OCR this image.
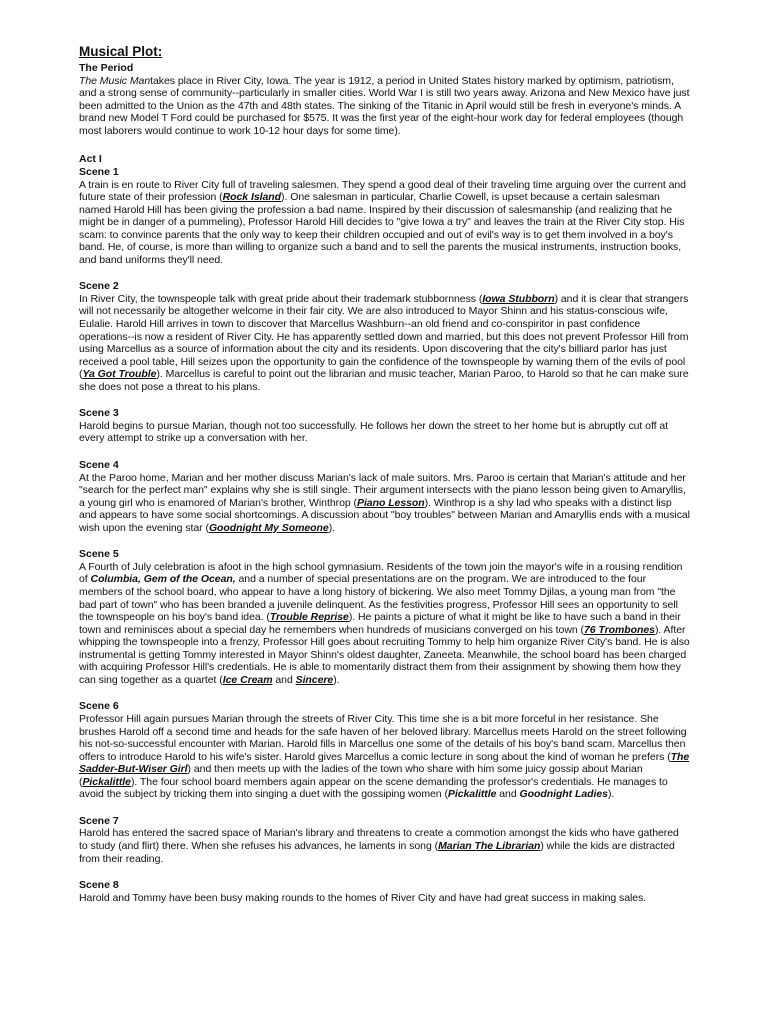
Musical Plot:
The Period

The Music Mantakes place in River City, Iowa. The year is 1912, a period in United States history marked by optimism, patriotism, and a strong sense of community--particularly in smaller cities. World War I is still two years away. Arizona and New Mexico have just been admitted to the Union as the 47th and 48th states. The sinking of the Titanic in April would still be fresh in everyone's minds. A brand new Model T Ford could be purchased for $575. It was the first year of the eight-hour work day for federal employees (though most laborers would continue to work 10-12 hour days for some time).

Act I
Scene 1

A train is en route to River City full of traveling salesmen. They spend a good deal of their traveling time arguing over the current and future state of their profession (Rock Island). One salesman in particular, Charlie Cowell, is upset because a certain salesman named Harold Hill has been giving the profession a bad name. Inspired by their discussion of salesmanship (and realizing that he might be in danger of a pummeling), Professor Harold Hill decides to "give Iowa a try" and leaves the train at the River City stop. His scam: to convince parents that the only way to keep their children occupied and out of evil's way is to get them involved in a boy's band. He, of course, is more than willing to organize such a band and to sell the parents the musical instruments, instruction books, and band uniforms they'll need.

Scene 2

In River City, the townspeople talk with great pride about their trademark stubbornness (Iowa Stubborn) and it is clear that strangers will not necessarily be altogether welcome in their fair city. We are also introduced to Mayor Shinn and his status-conscious wife, Eulalie. Harold Hill arrives in town to discover that Marcellus Washburn--an old friend and co-conspiritor in past confidence operations--is now a resident of River City. He has apparently settled down and married, but this does not prevent Professor Hill from using Marcellus as a source of information about the city and its residents. Upon discovering that the city's billiard parlor has just received a pool table, Hill seizes upon the opportunity to gain the confidence of the townspeople by warning them of the evils of pool (Ya Got Trouble). Marcellus is careful to point out the librarian and music teacher, Marian Paroo, to Harold so that he can make sure she does not pose a threat to his plans.

Scene 3

Harold begins to pursue Marian, though not too successfully. He follows her down the street to her home but is abruptly cut off at every attempt to strike up a conversation with her.

Scene 4

At the Paroo home, Marian and her mother discuss Marian's lack of male suitors. Mrs. Paroo is certain that Marian's attitude and her "search for the perfect man" explains why she is still single. Their argument intersects with the piano lesson being given to Amaryllis, a young girl who is enamored of Marian's brother, Winthrop (Piano Lesson). Winthrop is a shy lad who speaks with a distinct lisp and appears to have some social shortcomings. A discussion about "boy troubles" between Marian and Amaryllis ends with a musical wish upon the evening star (Goodnight My Someone).

Scene 5

A Fourth of July celebration is afoot in the high school gymnasium. Residents of the town join the mayor's wife in a rousing rendition of Columbia, Gem of the Ocean, and a number of special presentations are on the program. We are introduced to the four members of the school board, who appear to have a long history of bickering. We also meet Tommy Djilas, a young man from "the bad part of town" who has been branded a juvenile delinquent. As the festivities progress, Professor Hill sees an opportunity to sell the townspeople on his boy's band idea. (Trouble Reprise). He paints a picture of what it might be like to have such a band in their town and reminisces about a special day he remembers when hundreds of musicians converged on his town (76 Trombones). After whipping the townspeople into a frenzy, Professor Hill goes about recruiting Tommy to help him organize River City's band. He is also instrumental is getting Tommy interested in Mayor Shinn's oldest daughter, Zaneeta. Meanwhile, the school board has been charged with acquiring Professor Hill's credentials. He is able to momentarily distract them from their assignment by showing them how they can sing together as a quartet (Ice Cream and Sincere).

Scene 6

Professor Hill again pursues Marian through the streets of River City. This time she is a bit more forceful in her resistance. She brushes Harold off a second time and heads for the safe haven of her beloved library. Marcellus meets Harold on the street following his not-so-successful encounter with Marian. Harold fills in Marcellus one some of the details of his boy's band scam. Marcellus then offers to introduce Harold to his wife's sister. Harold gives Marcellus a comic lecture in song about the kind of woman he prefers (The Sadder-But-Wiser Girl) and then meets up with the ladies of the town who share with him some juicy gossip about Marian (Pickalittle). The four school board members again appear on the scene demanding the professor's credentials. He manages to avoid the subject by tricking them into singing a duet with the gossiping women (Pickalittle and Goodnight Ladies).

Scene 7

Harold has entered the sacred space of Marian's library and threatens to create a commotion amongst the kids who have gathered to study (and flirt) there. When she refuses his advances, he laments in song (Marian The Librarian) while the kids are distracted from their reading.

Scene 8

Harold and Tommy have been busy making rounds to the homes of River City and have had great success in making sales.
